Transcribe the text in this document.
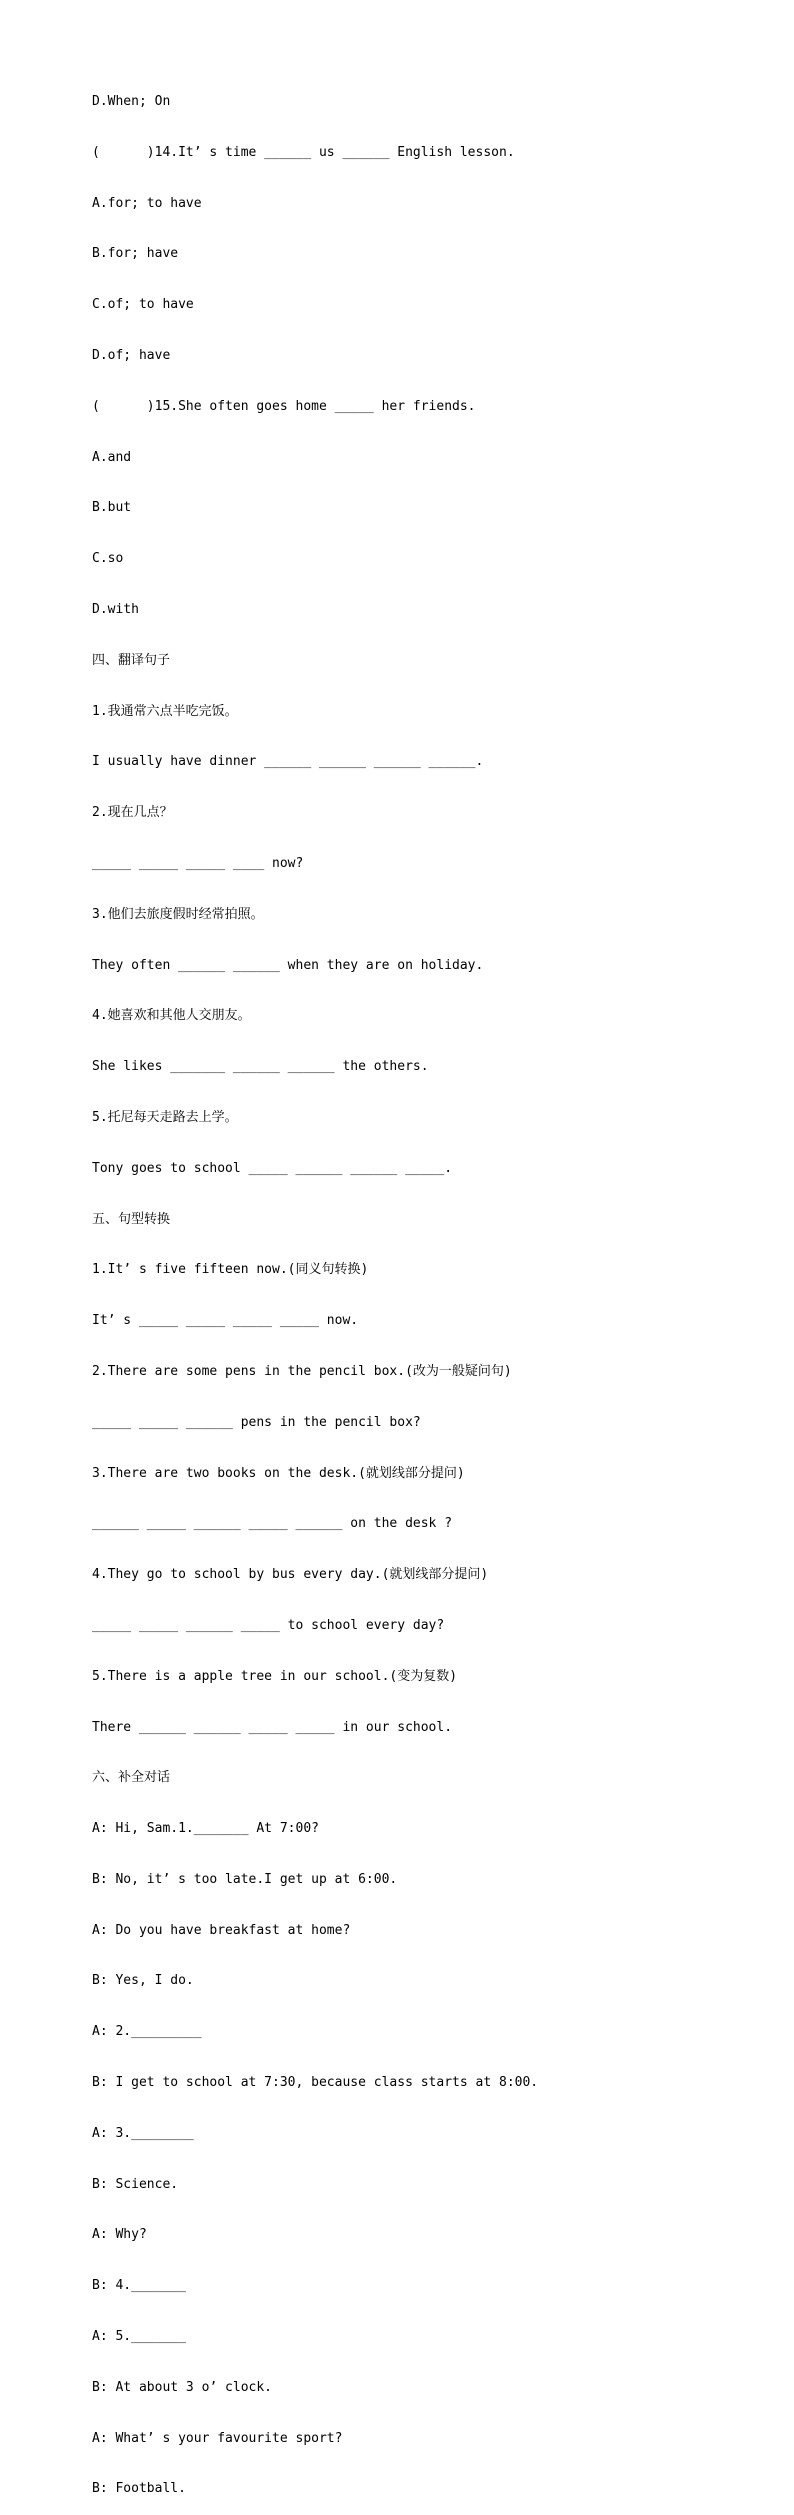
D.When; On

(      )14.It’ s time ______ us ______ English lesson.

A.for; to have

B.for; have

C.of; to have

D.of; have

(      )15.She often goes home _____ her friends.

A.and

B.but

C.so

D.with

四、翻译句子

1.我通常六点半吃完饭。

I usually have dinner ______ ______ ______ ______.

2.现在几点？

_____ _____ _____ ____ now?

3.他们去旅度假时经常拍照。

They often ______ ______ when they are on holiday.

4.她喜欢和其他人交朋友。

She likes _______ ______ ______ the others.

5.托尼每天走路去上学。

Tony goes to school _____ ______ ______ _____.

五、句型转换

1.It’ s five fifteen now.(同义句转换)

It’ s _____ _____ _____ _____ now.

2.There are some pens in the pencil box.(改为一般疑问句)

_____ _____ ______ pens in the pencil box?

3.There are two books on the desk.(就划线部分提问)

______ _____ ______ _____ ______ on the desk ?

4.They go to school by bus every day.(就划线部分提问)

_____ _____ ______ _____ to school every day?

5.There is a apple tree in our school.(变为复数)

There ______ ______ _____ _____ in our school.

六、补全对话

A: Hi, Sam.1._______ At 7:00?

B: No, it’ s too late.I get up at 6:00.

A: Do you have breakfast at home?

B: Yes, I do.

A: 2._________

B: I get to school at 7:30, because class starts at 8:00.

A: 3.________

B: Science.

A: Why?

B: 4._______

A: 5._______

B: At about 3 o’ clock.

A: What’ s your favourite sport?

B: Football.
